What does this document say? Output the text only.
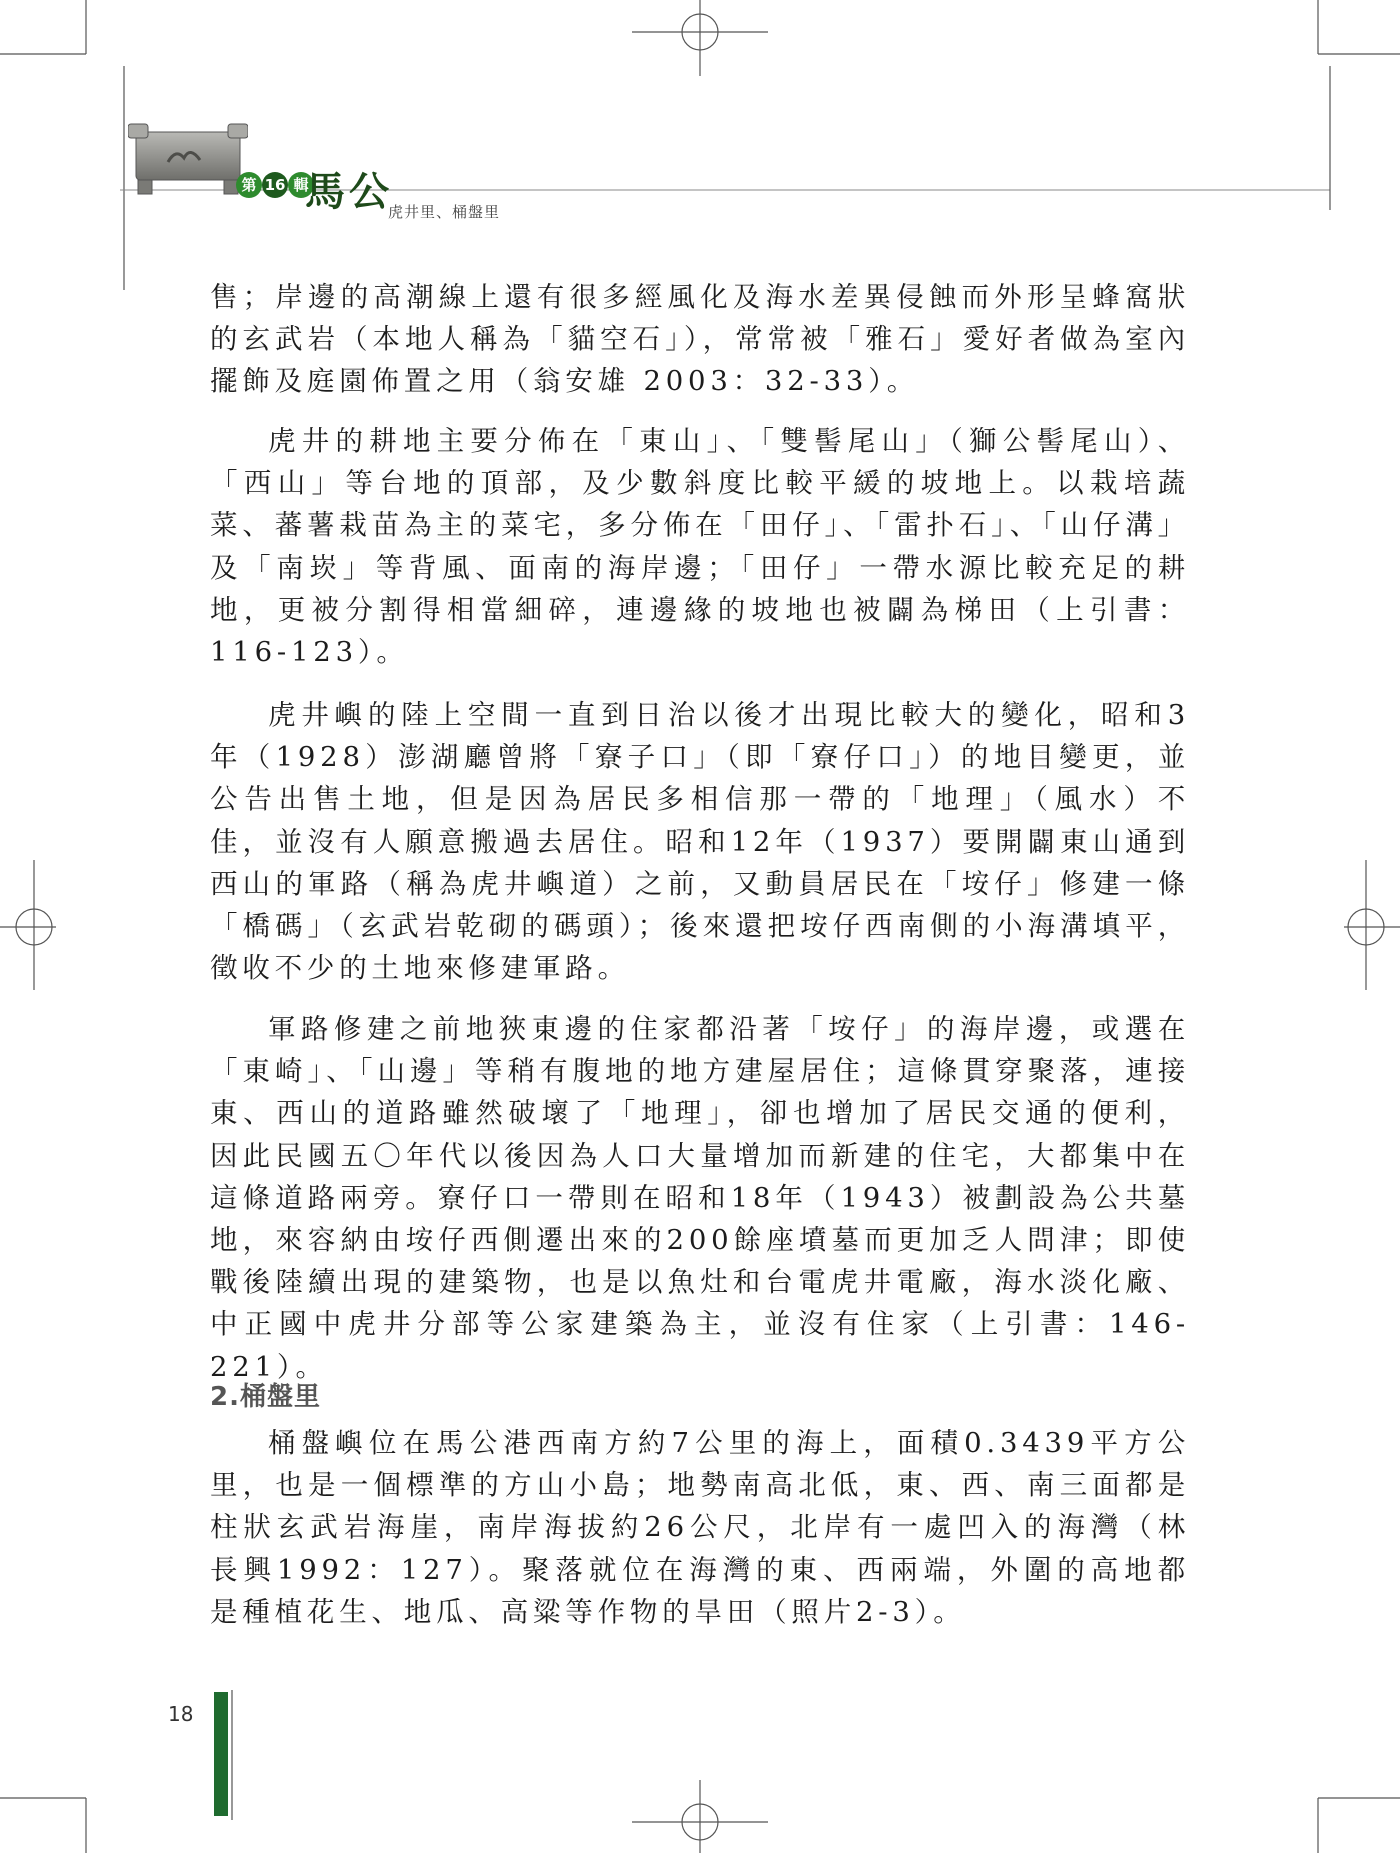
第 16 輯
馬公
虎井里、桶盤里

售；岸邊的高潮線上還有很多經風化及海水差異侵蝕而外形呈蜂窩狀的玄武岩（本地人稱為「貓空石」），常常被「雅石」愛好者做為室內擺飾及庭園佈置之用（翁安雄 2003：32-33）。

虎井的耕地主要分佈在「東山」、「雙髻尾山」（獅公髻尾山）、「西山」等台地的頂部，及少數斜度比較平緩的坡地上。以栽培蔬菜、蕃薯栽苗為主的菜宅，多分佈在「田仔」、「雷扑石」、「山仔溝」及「南崁」等背風、面南的海岸邊；「田仔」一帶水源比較充足的耕地，更被分割得相當細碎，連邊緣的坡地也被闢為梯田（上引書：116-123）。

虎井嶼的陸上空間一直到日治以後才出現比較大的變化，昭和3年（1928）澎湖廳曾將「寮子口」（即「寮仔口」）的地目變更，並公告出售土地，但是因為居民多相信那一帶的「地理」（風水）不佳，並沒有人願意搬過去居住。昭和12年（1937）要開闢東山通到西山的軍路（稱為虎井嶼道）之前，又動員居民在「垵仔」修建一條「橋碼」（玄武岩乾砌的碼頭）；後來還把垵仔西南側的小海溝填平，徵收不少的土地來修建軍路。

軍路修建之前地狹東邊的住家都沿著「垵仔」的海岸邊，或選在「東崎」、「山邊」等稍有腹地的地方建屋居住；這條貫穿聚落，連接東、西山的道路雖然破壞了「地理」，卻也增加了居民交通的便利，因此民國五〇年代以後因為人口大量增加而新建的住宅，大都集中在這條道路兩旁。寮仔口一帶則在昭和18年（1943）被劃設為公共墓地，來容納由垵仔西側遷出來的200餘座墳墓而更加乏人問津；即使戰後陸續出現的建築物，也是以魚灶和台電虎井電廠，海水淡化廠、中正國中虎井分部等公家建築為主，並沒有住家（上引書：146-221）。

2.桶盤里

桶盤嶼位在馬公港西南方約7公里的海上，面積0.3439平方公里，也是一個標準的方山小島；地勢南高北低，東、西、南三面都是柱狀玄武岩海崖，南岸海拔約26公尺，北岸有一處凹入的海灣（林長興1992：127）。聚落就位在海灣的東、西兩端，外圍的高地都是種植花生、地瓜、高粱等作物的旱田（照片2-3）。

18
